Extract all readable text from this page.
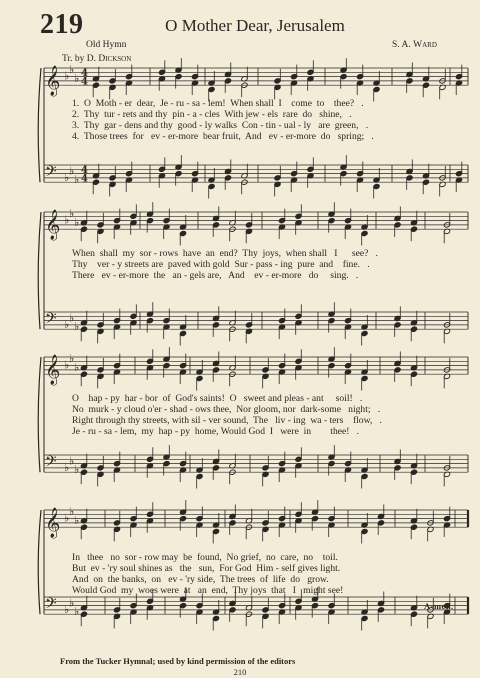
219	O Mother Dear, Jerusalem
Old Hymn
Tr. by D. Dickson
S. A. Ward
𝄞 ♭ ♭
♭ 4
4
𝄢 ♭ ♭
♭
4
4
𝄞 ♭ ♭
♭
𝄢 ♭ ♭
♭
𝄞 ♭ ♭
♭
𝄢 ♭ ♭
♭
𝄞 ♭ ♭
♭
𝄢 ♭ ♭
♭
1.  O  Moth - er  dear,  Je - ru - sa - lem!  When shall  I    come  to    thee?   .
2.  Thy  tur - rets and thy  pin - a - cles  With jew - els  rare  do   shine,   .
3.  Thy  gar - dens and thy  good - ly walks  Con - tin - ual - ly   are  green,   .
4.  Those trees  for   ev - er-more  bear fruit,  And   ev - er-more  do   spring;   .
When  shall  my  sor - rows  have  an  end?  Thy  joys,  when shall   I      see?   .
Thy    ver - y streets are  paved with gold  Sur - pass - ing  pure  and    fine.   .
There   ev - er-more  the   an - gels are,   And    ev - er-more   do     sing.   .
O    hap - py  har - bor  of  God's saints!  O   sweet and pleas - ant     soil!   .
No  murk - y cloud o'er - shad - ows thee,  Nor gloom, nor  dark-some   night;   .
Right through thy streets, with sil - ver sound,  The   liv - ing  wa - ters    flow,   .
Je - ru - sa - lem,  my  hap - py  home, Would God  I   were  in        thee!   .
In   thee   no  sor - row may  be  found,  No grief,  no  care,  no    toil.
But  ev - 'ry soul shines as   the   sun,  For God  Him - self gives light.
And  on  the banks,  on   ev - 'ry side,  The trees  of  life  do   grow.
Would God  my  woes were  at   an  end,  Thy joys  that   I   might see!
A-men.
From the Tucker Hymnal; used by kind permission of the editors
210
